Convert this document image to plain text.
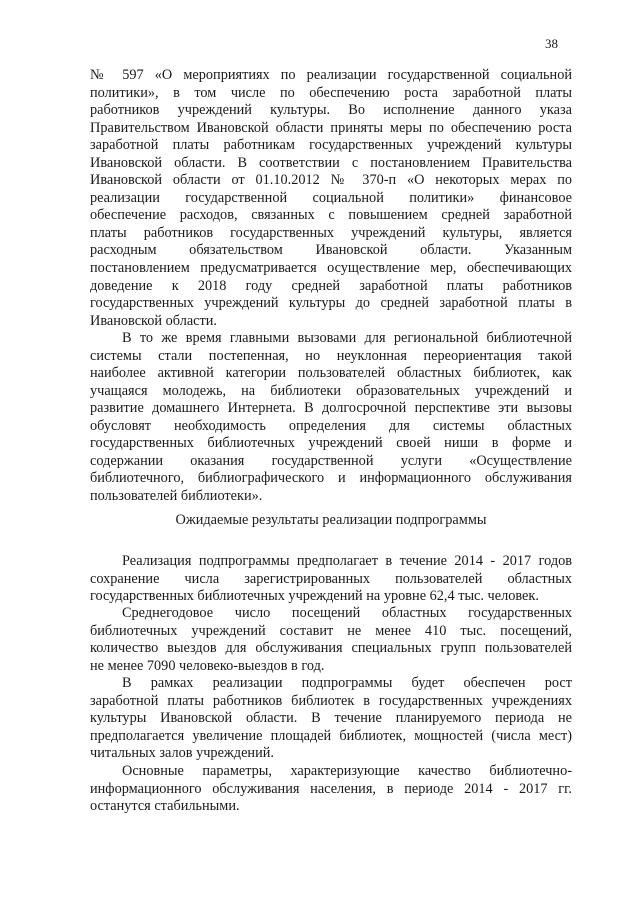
38
№ 597 «О мероприятиях по реализации государственной социальной
политики», в том числе по обеспечению роста заработной платы
работников учреждений культуры. Во исполнение данного указа
Правительством Ивановской области приняты меры по обеспечению роста
заработной платы работникам государственных учреждений культуры
Ивановской области. В соответствии с постановлением Правительства
Ивановской области от 01.10.2012 № 370-п «О некоторых мерах по
реализации государственной социальной политики» финансовое
обеспечение расходов, связанных с повышением средней заработной
платы работников государственных учреждений культуры, является
расходным обязательством Ивановской области. Указанным
постановлением предусматривается осуществление мер, обеспечивающих
доведение к 2018 году средней заработной платы работников
государственных учреждений культуры до средней заработной платы в
Ивановской области.
В то же время главными вызовами для региональной библиотечной
системы стали постепенная, но неуклонная переориентация такой
наиболее активной категории пользователей областных библиотек, как
учащаяся молодежь, на библиотеки образовательных учреждений и
развитие домашнего Интернета. В долгосрочной перспективе эти вызовы
обусловят необходимость определения для системы областных
государственных библиотечных учреждений своей ниши в форме и
содержании оказания государственной услуги «Осуществление
библиотечного, библиографического и информационного обслуживания
пользователей библиотеки».
Ожидаемые результаты реализации подпрограммы
Реализация подпрограммы предполагает в течение 2014 - 2017 годов
сохранение числа зарегистрированных пользователей областных
государственных библиотечных учреждений на уровне 62,4 тыс. человек.
Среднегодовое число посещений областных государственных
библиотечных учреждений составит не менее 410 тыс. посещений,
количество выездов для обслуживания специальных групп пользователей
не менее 7090 человеко-выездов в год.
В рамках реализации подпрограммы будет обеспечен рост
заработной платы работников библиотек в государственных учреждениях
культуры Ивановской области. В течение планируемого периода не
предполагается увеличение площадей библиотек, мощностей (числа мест)
читальных залов учреждений.
Основные параметры, характеризующие качество библиотечно-
информационного обслуживания населения, в периоде 2014 - 2017 гг.
останутся стабильными.
